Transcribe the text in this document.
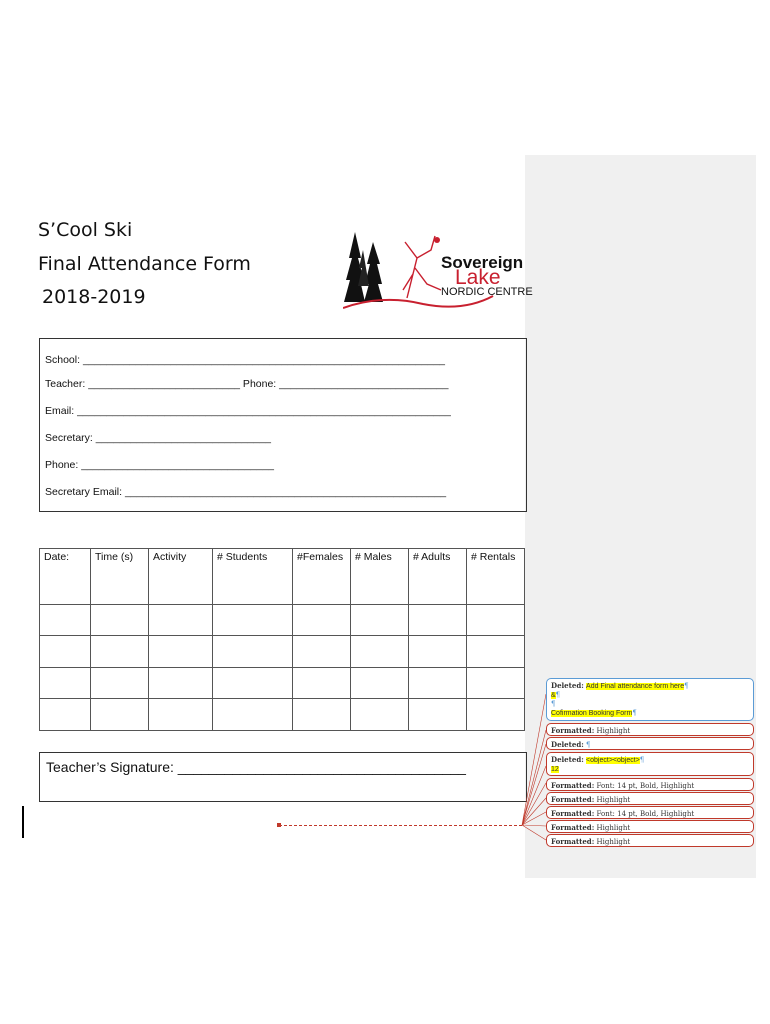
S’Cool Ski
Final Attendance Form
2018-2019
Sovereign
Lake
NORDIC CENTRE
School: ______________________________________________________________
Teacher: __________________________ Phone: _____________________________
Email: ________________________________________________________________
Secretary: ______________________________
Phone: _________________________________
Secretary Email: _______________________________________________________
Date:	Time (s)	Activity	# Students	#Females	# Males	# Adults	# Rentals

Teacher’s Signature: _____________________________________
Deleted: Add Final attendance form here¶
&¶
¶
Cofirmation Booking Form¶
Formatted: Highlight
Deleted: ¶
Deleted: <object><object>¶
12
Formatted: Font: 14 pt, Bold, Highlight
Formatted: Highlight
Formatted: Font: 14 pt, Bold, Highlight
Formatted: Highlight
Formatted: Highlight
